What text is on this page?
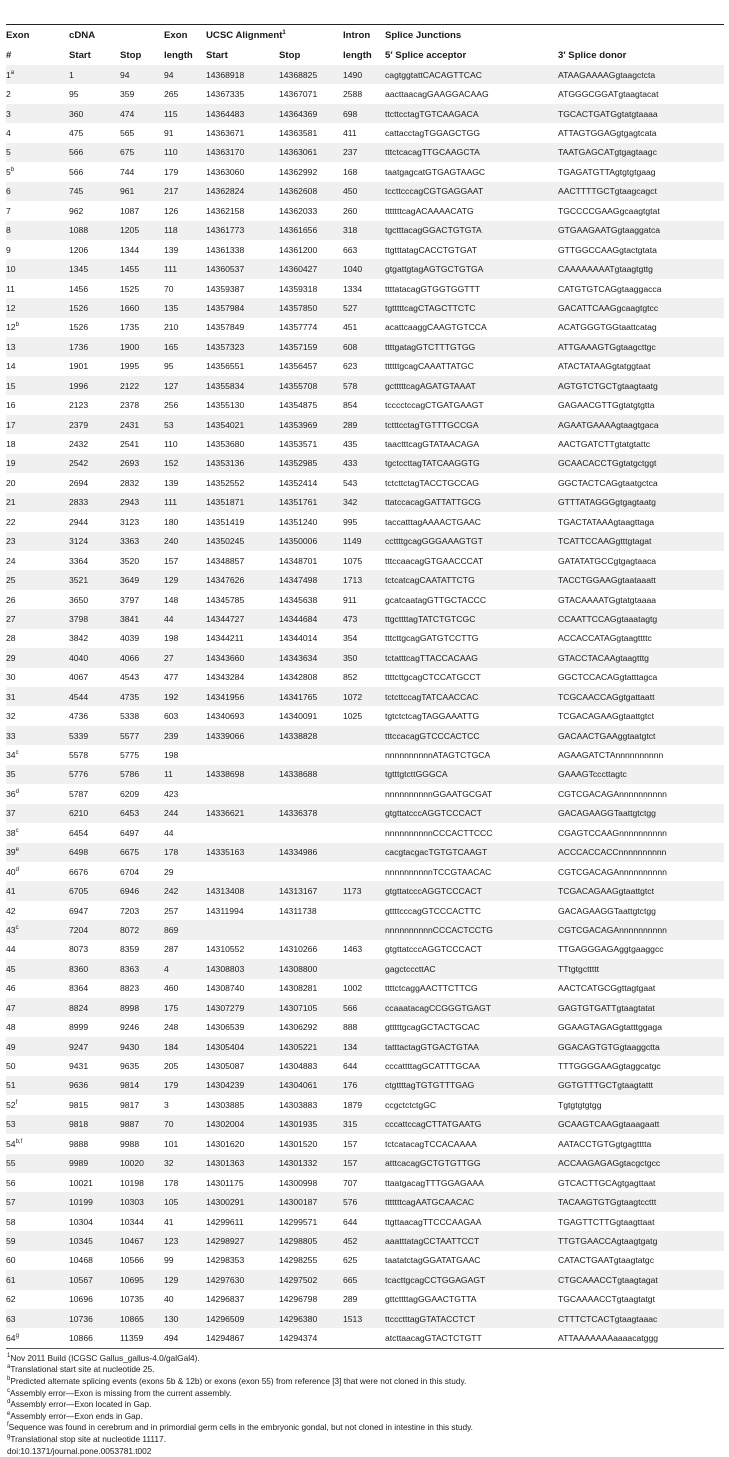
Exon	cDNA		Exon	UCSC Alignment$^1$		Intron	Splice Junctions	
#	Start	Stop	length	Start	Stop	length	5′ Splice acceptor	3′ Splice donor
1$^a$	1	94	94	14368918	14368825	1490	cagtggtattCACAGTTCAC	ATAAGAAAAGgtaagctcta
2	95	359	265	14367335	14367071	2588	aacttaacagGAAGGACAAG	ATGGGCGGATgtaagtacat
3	360	474	115	14364483	14364369	698	ttcttcctagTGTCAAGACA	TGCACTGATGgtatgtaaaa
4	475	565	91	14363671	14363581	411	cattacctagTGGAGCTGG	ATTAGTGGAGgtgagtcata
5	566	675	110	14363170	14363061	237	tttctcacagTTGCAAGCTA	TAATGAGCATgtgagtaagc
5$^b$	566	744	179	14363060	14362992	168	taatgagcatGTGAGTAAGC	TGAGATGTTAgtgtgtgaag
6	745	961	217	14362824	14362608	450	tccttcccagCGTGAGGAAT	AACTTTTGCTgtaagcagct
7	962	1087	126	14362158	14362033	260	tttttttcagACAAAACATG	TGCCCCGAAGgcaagtgtat
8	1088	1205	118	14361773	14361656	318	tgctttacagGGACTGTGTA	GTGAAGAATGgtaaggatca
9	1206	1344	139	14361338	14361200	663	ttgtttatagCACCTGTGAT	GTTGGCCAAGgtactgtata
10	1345	1455	111	14360537	14360427	1040	gtgattgtagAGTGCTGTGA	CAAAAAAAATgtaagtgttg
11	1456	1525	70	14359387	14359318	1334	ttttatacagGTGGTGGTTT	CATGTGTCAGgtaaggacca
12	1526	1660	135	14357984	14357850	527	tgtttttcagCTAGCTTCTC	GACATTCAAGgcaagtgtcc
12$^b$	1526	1735	210	14357849	14357774	451	acattcaaggCAAGTGTCCA	ACATGGGTGGtaattcatag
13	1736	1900	165	14357323	14357159	608	ttttgatagGTCTTTGTGG	ATTGAAAGTGgtaagcttgc
14	1901	1995	95	14356551	14356457	623	ttttttgcagCAAATTATGC	ATACTATAAGgtatggtaat
15	1996	2122	127	14355834	14355708	578	gctttttcagAGATGTAAAT	AGTGTCTGCTgtaagtaatg
16	2123	2378	256	14355130	14354875	854	tcccctccagCTGATGAAGT	GAGAACGTTGgtatgtgtta
17	2379	2431	53	14354021	14353969	289	tctttcctagTGTTTGCCGA	AGAATGAAAAgtaagtgaca
18	2432	2541	110	14353680	14353571	435	taactttcagGTATAACAGA	AACTGATCTTgtatgtattc
19	2542	2693	152	14353136	14352985	433	tgctccttagTATCAAGGTG	GCAACACCTGgtatgctggt
20	2694	2832	139	14352552	14352414	543	tctcttctagTACCTGCCAG	GGCTACTCAGgtaatgctca
21	2833	2943	111	14351871	14351761	342	ttatccacagGATTATTGCG	GTTTATAGGGgtgagtaatg
22	2944	3123	180	14351419	14351240	995	taccatttagAAAACTGAAC	TGACTATAAAgtaagttaga
23	3124	3363	240	14350245	14350006	1149	ccttttgcagGGGAAAGTGT	TCATTCCAAGgtttgtagat
24	3364	3520	157	14348857	14348701	1075	tttccaacagGTGAACCCAT	GATATATGCCgtgagtaaca
25	3521	3649	129	14347626	14347498	1713	tctcatcagCAATATTCTG	TACCTGGAAGgtaataaatt
26	3650	3797	148	14345785	14345638	911	gcatcaatagGTTGCTACCC	GTACAAAATGgtatgtaaaa
27	3798	3841	44	14344727	14344684	473	ttgcttttagTATCTGTCGC	CCAATTCCAGgtaaatagtg
28	3842	4039	198	14344211	14344014	354	tttcttgcagGATGTCCTTG	ACCACCATAGgtaagttttc
29	4040	4066	27	14343660	14343634	350	tctatttcagTTACCACAAG	GTACCTACAAgtaagtttg
30	4067	4543	477	14343284	14342808	852	ttttcttgcagCTCCATGCCT	GGCTCCACAGgtatttagca
31	4544	4735	192	14341956	14341765	1072	tctcttccagTATCAACCAC	TCGCAACCAGgtgattaatt
32	4736	5338	603	14340693	14340091	1025	tgtctctcagTAGGAAATTG	TCGACAGAAGgtaattgtct
33	5339	5577	239	14339066	14338828		tttccacagGTCCCACTCC	GACAACTGAAggtaatgtct
34$^c$	5578	5775	198				nnnnnnnnnnATAGTCTGCA	AGAAGATCTAnnnnnnnnnn
35	5776	5786	11	14338698	14338688		tgtttgtcttGGGCA	GAAAGTcccttagtc
36$^d$	5787	6209	423				nnnnnnnnnnGGAATGCGAT	CGTCGACAGAnnnnnnnnnn
37	6210	6453	244	14336621	14336378		gtgttatcccAGGTCCCACT	GACAGAAGGTaattgtctgg
38$^c$	6454	6497	44				nnnnnnnnnnCCCACTTCCC	CGAGTCCAAGnnnnnnnnnn
39e	6498	6675	178	14335163	14334986		cacgtacgacTGTGTCAAGT	ACCCACCACCnnnnnnnnnn
40$^d$	6676	6704	29				nnnnnnnnnnTCCGTAACAC	CGTCGACAGAnnnnnnnnnn
41	6705	6946	242	14313408	14313167	1173	gtgttatcccAGGTCCCACT	TCGACAGAAGgtaattgtct
42	6947	7203	257	14311994	14311738		gttttcccagGTCCCACTTC	GACAGAAGGTaattgtctgg
43$^c$	7204	8072	869				nnnnnnnnnnCCCACTCCTG	CGTCGACAGAnnnnnnnnnn
44	8073	8359	287	14310552	14310266	1463	gtgttatcccAGGTCCCACT	TTGAGGGAGAggtgaaggcc
45	8360	8363	4	14308803	14308800		gagctcccttAC	TTtgtgcttttt
46	8364	8823	460	14308740	14308281	1002	ttttctcaggAACTTCTTCG	AACTCATGCGgttagtgaat
47	8824	8998	175	14307279	14307105	566	ccaaatacagCCGGGTGAGT	GAGTGTGATTgtaagtatat
48	8999	9246	248	14306539	14306292	888	gtttttgcagGCTACTGCAC	GGAAGTAGAGgtatttggaga
49	9247	9430	184	14305404	14305221	134	tatttactagGTGACTGTAA	GGACAGTGTGgtaaggctta
50	9431	9635	205	14305087	14304883	644	cccattttagGCATTTGCAA	TTTGGGGAAGgtaggcatgc
51	9636	9814	179	14304239	14304061	176	ctgttttagTGTGTTTGAG	GGTGTTTGCTgtaagtattt
52$^f$	9815	9817	3	14303885	14303883	1879	ccgctctctgGC	Tgtgtgtgtgg
53	9818	9887	70	14302004	14301935	315	cccattccagCTTATGAATG	GCAAGTCAAGgtaaagaatt
54$^{b,f}$	9888	9988	101	14301620	14301520	157	tctcatacagTCCACAAAA	AATACCTGTGgtgagtttta
55	9989	10020	32	14301363	14301332	157	atttcacagGCTGTGTTGG	ACCAAGAGAGgtacgctgcc
56	10021	10198	178	14301175	14300998	707	ttaatgacagTTTGGAGAAA	GTCACTTGCAgtgagttaat
57	10199	10303	105	14300291	14300187	576	tttttttcagAATGCAACAC	TACAAGTGTGgtaagtccttt
58	10304	10344	41	14299611	14299571	644	ttgttaacagTTCCCAAGAA	TGAGTTCTTGgtaagttaat
59	10345	10467	123	14298927	14298805	452	aaatttatagCCTAATTCCT	TTGTGAACCAgtaagtgatg
60	10468	10566	99	14298353	14298255	625	taatatctagGGATATGAAC	CATACTGAATgtaagtatgc
61	10567	10695	129	14297630	14297502	665	tcacttgcagCCTGGAGAGT	CTGCAAACCTgtaagtagat
62	10696	10735	40	14296837	14296798	289	gttcttttagGGAACTGTTA	TGCAAAACCTgtaagtatgt
63	10736	10865	130	14296509	14296380	1513	ttccctttagGTATACCTCT	CTTTCTCACTgtaagtaaac
64$^g$	10866	11359	494	14294867	14294374		atcttaacagGTACTCTGTT	ATTAAAAAAAaaaacatggg
$^1$Nov 2011 Build (ICGSC Gallus_gallus-4.0/galGal4).
$^a$Translational start site at nucleotide 25.
$^b$Predicted alternate splicing events (exons 5b & 12b) or exons (exon 55) from reference [3] that were not cloned in this study.
$^c$Assembly error—Exon is missing from the current assembly.
$^d$Assembly error—Exon located in Gap.
$^e$Assembly error—Exon ends in Gap.
$^f$Sequence was found in cerebrum and in primordial germ cells in the embryonic gondal, but not cloned in intestine in this study.
$^g$Translational stop site at nucleotide 11117.
doi:10.1371/journal.pone.0053781.t002
